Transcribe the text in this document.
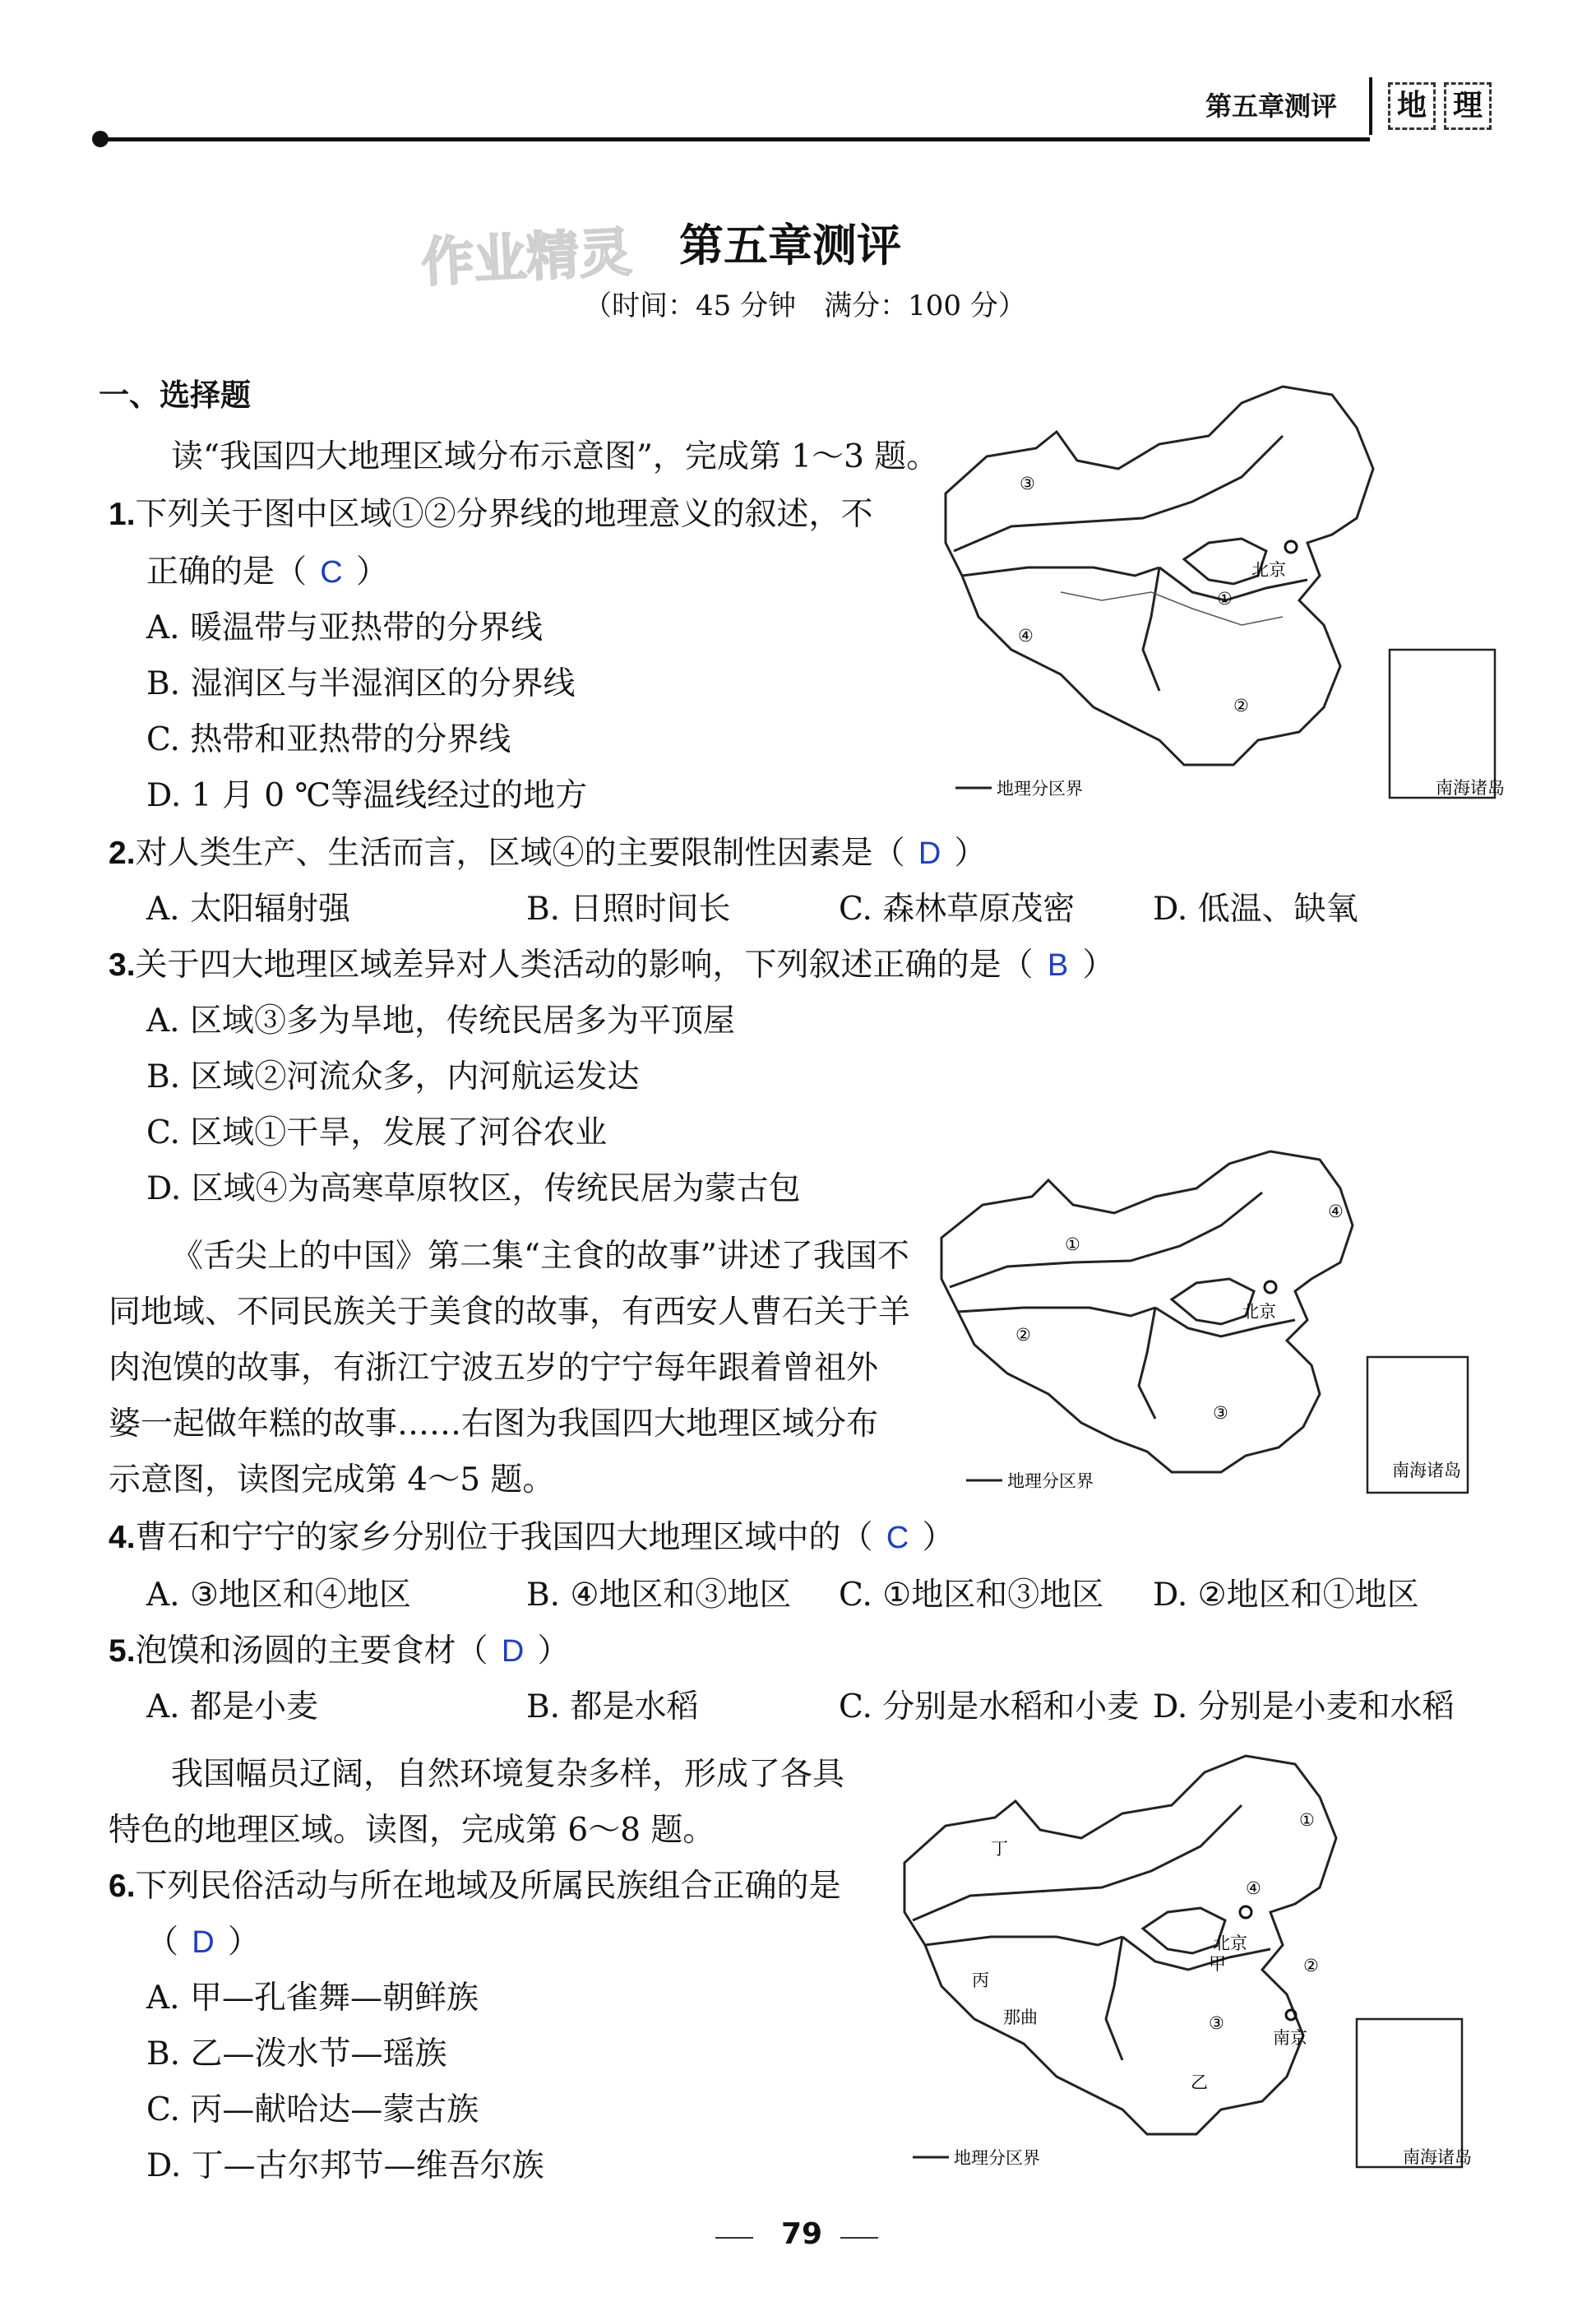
第五章测评	地 理
作业精灵 第五章测评
（时间：45 分钟　满分：100 分）
一、选择题
读“我国四大地理区域分布示意图”，完成第 1～3 题。
1.下列关于图中区域①②分界线的地理意义的叙述，不
正确的是（ C ）
A. 暖温带与亚热带的分界线
B. 湿润区与半湿润区的分界线
C. 热带和亚热带的分界线
D. 1 月 0 ℃等温线经过的地方
2.对人类生产、生活而言，区域④的主要限制性因素是（ D ）
A. 太阳辐射强	B. 日照时间长	C. 森林草原茂密 D. 低温、缺氧
3.关于四大地理区域差异对人类活动的影响，下列叙述正确的是（ B ）
A. 区域③多为旱地，传统民居多为平顶屋
B. 区域②河流众多，内河航运发达
C. 区域①干旱，发展了河谷农业
D. 区域④为高寒草原牧区，传统民居为蒙古包
《舌尖上的中国》第二集“主食的故事”讲述了我国不
同地域、不同民族关于美食的故事，有西安人曹石关于羊
肉泡馍的故事，有浙江宁波五岁的宁宁每年跟着曾祖外
婆一起做年糕的故事……右图为我国四大地理区域分布
示意图，读图完成第 4～5 题。
4.曹石和宁宁的家乡分别位于我国四大地理区域中的（ C ）
A. ③地区和④地区	B. ④地区和③地区 C. ①地区和③地区 D. ②地区和①地区
5.泡馍和汤圆的主要食材（ D ）
A. 都是小麦	B. 都是水稻	C. 分别是水稻和小麦 D. 分别是小麦和水稻
我国幅员辽阔，自然环境复杂多样，形成了各具
特色的地理区域。读图，完成第 6～8 题。
6.下列民俗活动与所在地域及所属民族组合正确的是
（ D ）
A. 甲—孔雀舞—朝鲜族
B. 乙—泼水节—瑶族
C. 丙—献哈达—蒙古族
D. 丁—古尔邦节—维吾尔族
③
①
④
②
北京
地理分区界	南海诸岛
①
④
②
③
北京
地理分区界
南海诸岛
丁
①
④
②
③
甲
丙
乙
北京
南京
那曲
地理分区界	南海诸岛
79
